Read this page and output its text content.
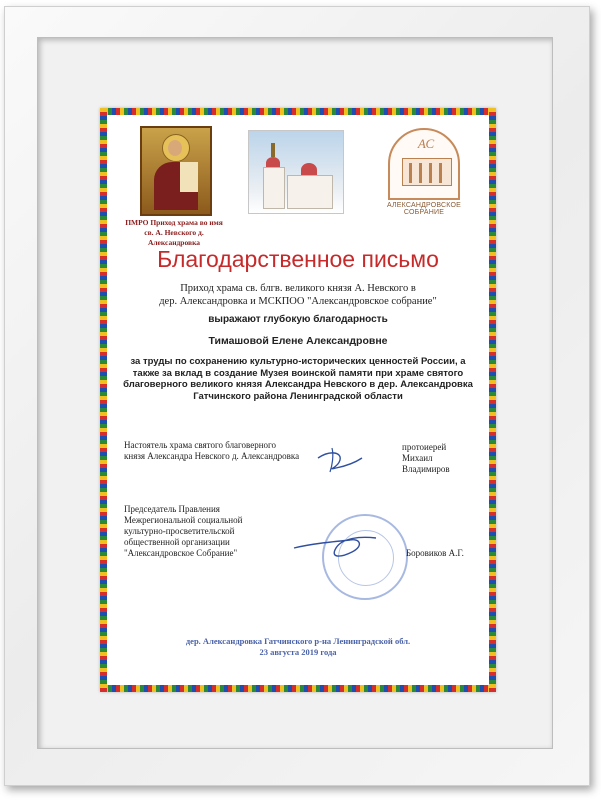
ПМРО Приход храма во имя
св. А. Невского д. Александровка
АС
АЛЕКСАНДРОВСКОЕ
СОБРАНИЕ
Благодарственное письмо
Приход храма св. блгв. великого князя А. Невского в
дер. Александровка и МСКПОО "Александровское собрание"
выражают глубокую благодарность
Тимашовой Елене Александровне
за труды по сохранению культурно-исторических ценностей России, а
также за вклад в создание Музея воинской памяти при храме святого
благоверного великого князя Александра Невского в дер. Александровка
Гатчинского района Ленинградской области
Настоятель храма святого благоверного
князя Александра Невского д. Александровка
протоиерей
Михаил
Владимиров
Председатель Правления
Межрегиональной социальной
культурно-просветительской
общественной организации
"Александровское Собрание"	Боровиков А.Г.
дер. Александровка Гатчинского р-на Ленинградской обл.
23 августа 2019 года
